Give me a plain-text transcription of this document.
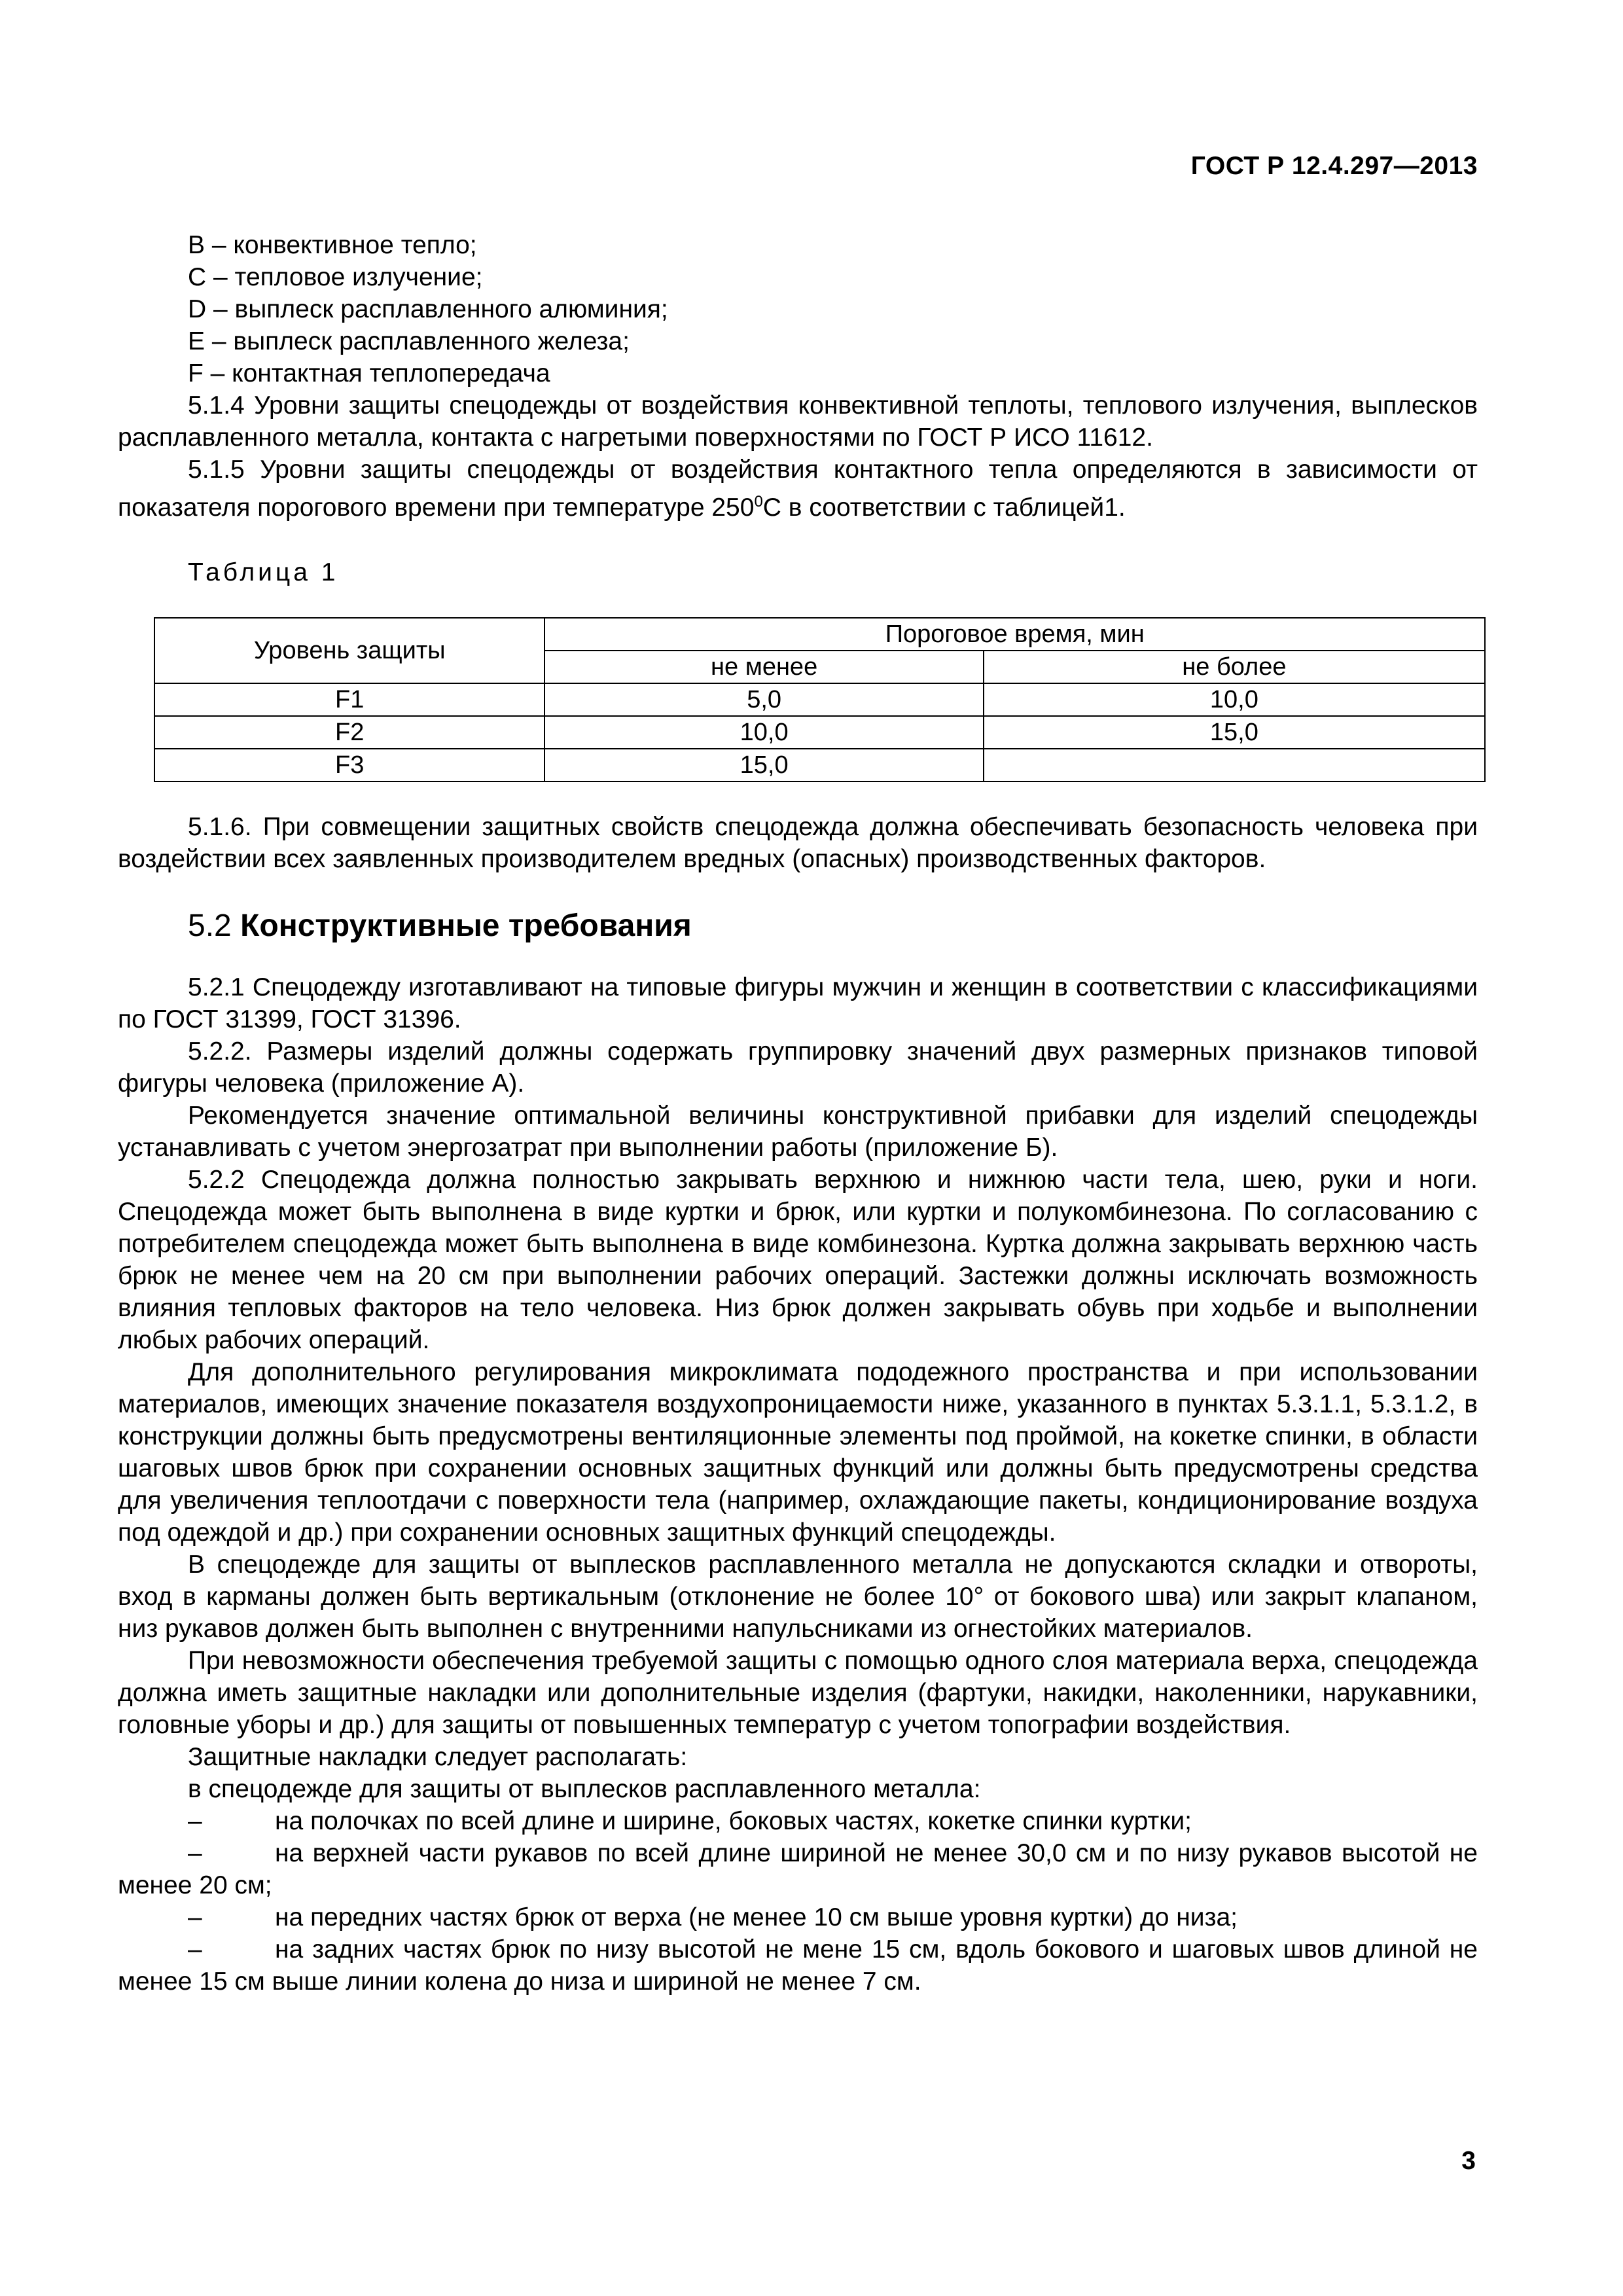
ГОСТ Р 12.4.297—2013
B – конвективное тепло;
C – тепловое излучение;
D – выплеск расплавленного алюминия;
E – выплеск расплавленного железа;
F – контактная теплопередача

5.1.4 Уровни защиты спецодежды от воздействия конвективной теплоты, теплового излучения, выплесков расплавленного металла, контакта с нагретыми поверхностями по ГОСТ Р ИСО 11612.

5.1.5 Уровни защиты спецодежды от воздействия контактного тепла определяются в зависимости от показателя порогового времени при температуре $250^0С$ в соответствии с таблицей1.

Таблица 1
Уровень защиты	Пороговое время, мин	
	не менее	не более
F1	5,0	10,0
F2	10,0	15,0
F3	15,0	

5.1.6. При совмещении защитных свойств спецодежда должна обеспечивать безопасность человека при воздействии всех заявленных производителем вредных (опасных) производственных факторов.

5.2 Конструктивные требования

5.2.1 Спецодежду изготавливают на типовые фигуры мужчин и женщин в соответствии с классификациями по ГОСТ 31399, ГОСТ 31396.

5.2.2. Размеры изделий должны содержать группировку значений двух размерных признаков типовой фигуры человека (приложение А).

Рекомендуется значение оптимальной величины конструктивной прибавки для изделий спецодежды устанавливать с учетом энергозатрат при выполнении работы (приложение Б).

5.2.2 Спецодежда должна полностью закрывать верхнюю и нижнюю части тела, шею, руки и ноги. Спецодежда может быть выполнена в виде куртки и брюк, или куртки и полукомбинезона. По согласованию с потребителем спецодежда может быть выполнена в виде комбинезона. Куртка должна закрывать верхнюю часть брюк не менее чем на 20 см при выполнении рабочих операций. Застежки должны исключать возможность влияния тепловых факторов на тело человека. Низ брюк должен закрывать обувь при ходьбе и выполнении любых рабочих операций.

Для дополнительного регулирования микроклимата пододежного пространства и при использовании материалов, имеющих значение показателя воздухопроницаемости ниже, указанного в пунктах 5.3.1.1, 5.3.1.2, в конструкции должны быть предусмотрены вентиляционные элементы под проймой, на кокетке спинки, в области шаговых швов брюк при сохранении основных защитных функций или должны быть предусмотрены средства для увеличения теплоотдачи с поверхности тела (например, охлаждающие пакеты, кондиционирование воздуха под одеждой и др.) при сохранении основных защитных функций спецодежды.

В спецодежде для защиты от выплесков расплавленного металла не допускаются складки и отвороты, вход в карманы должен быть вертикальным (отклонение не более 10° от бокового шва) или закрыт клапаном, низ рукавов должен быть выполнен с внутренними напульсниками из огнестойких материалов.

При невозможности обеспечения требуемой защиты с помощью одного слоя материала верха, спецодежда должна иметь защитные накладки или дополнительные изделия (фартуки, накидки, наколенники, нарукавники, головные уборы и др.) для защиты от повышенных температур с учетом топографии воздействия.

Защитные накладки следует располагать:
в спецодежде для защиты от выплесков расплавленного металла:

–	на полочках по всей длине и ширине, боковых частях, кокетке спинки куртки;

–	на верхней части рукавов по всей длине шириной не менее 30,0 см и по низу рукавов высотой не менее 20 см;

–	на передних частях брюк от верха (не менее 10 см выше уровня куртки) до низа;

–	на задних частях брюк по низу высотой не мене 15 см, вдоль бокового и шаговых швов длиной не менее 15 см выше линии колена до низа и шириной не менее 7 см.

3
